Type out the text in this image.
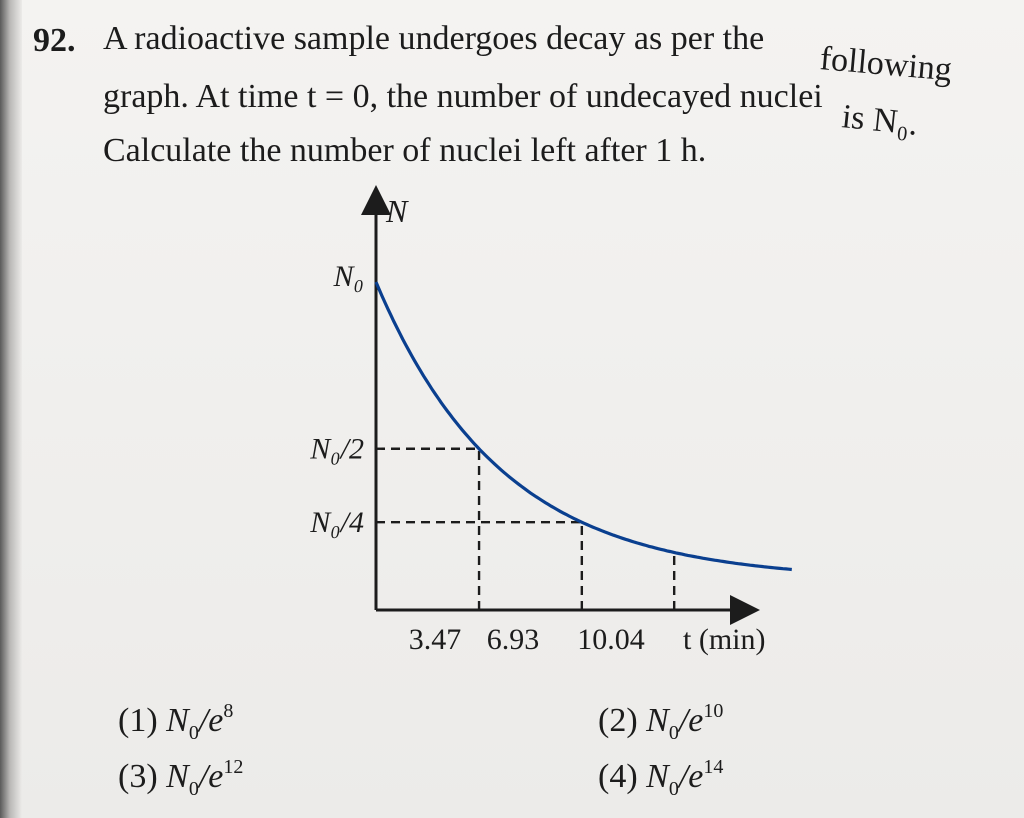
92. A radioactive sample undergoes decay as per the
following
graph. At time t = 0, the number of undecayed nuclei
is N₀.
Calculate the number of nuclei left after 1 h.
N
N₀
N₀/2
N₀/4
3.47 6.93 10.04 t (min)
(1) $N_0/e^8$	(2) $N_0/e^{10}$
(3) $N_0/e^{12}$	(4) $N_0/e^{14}$
